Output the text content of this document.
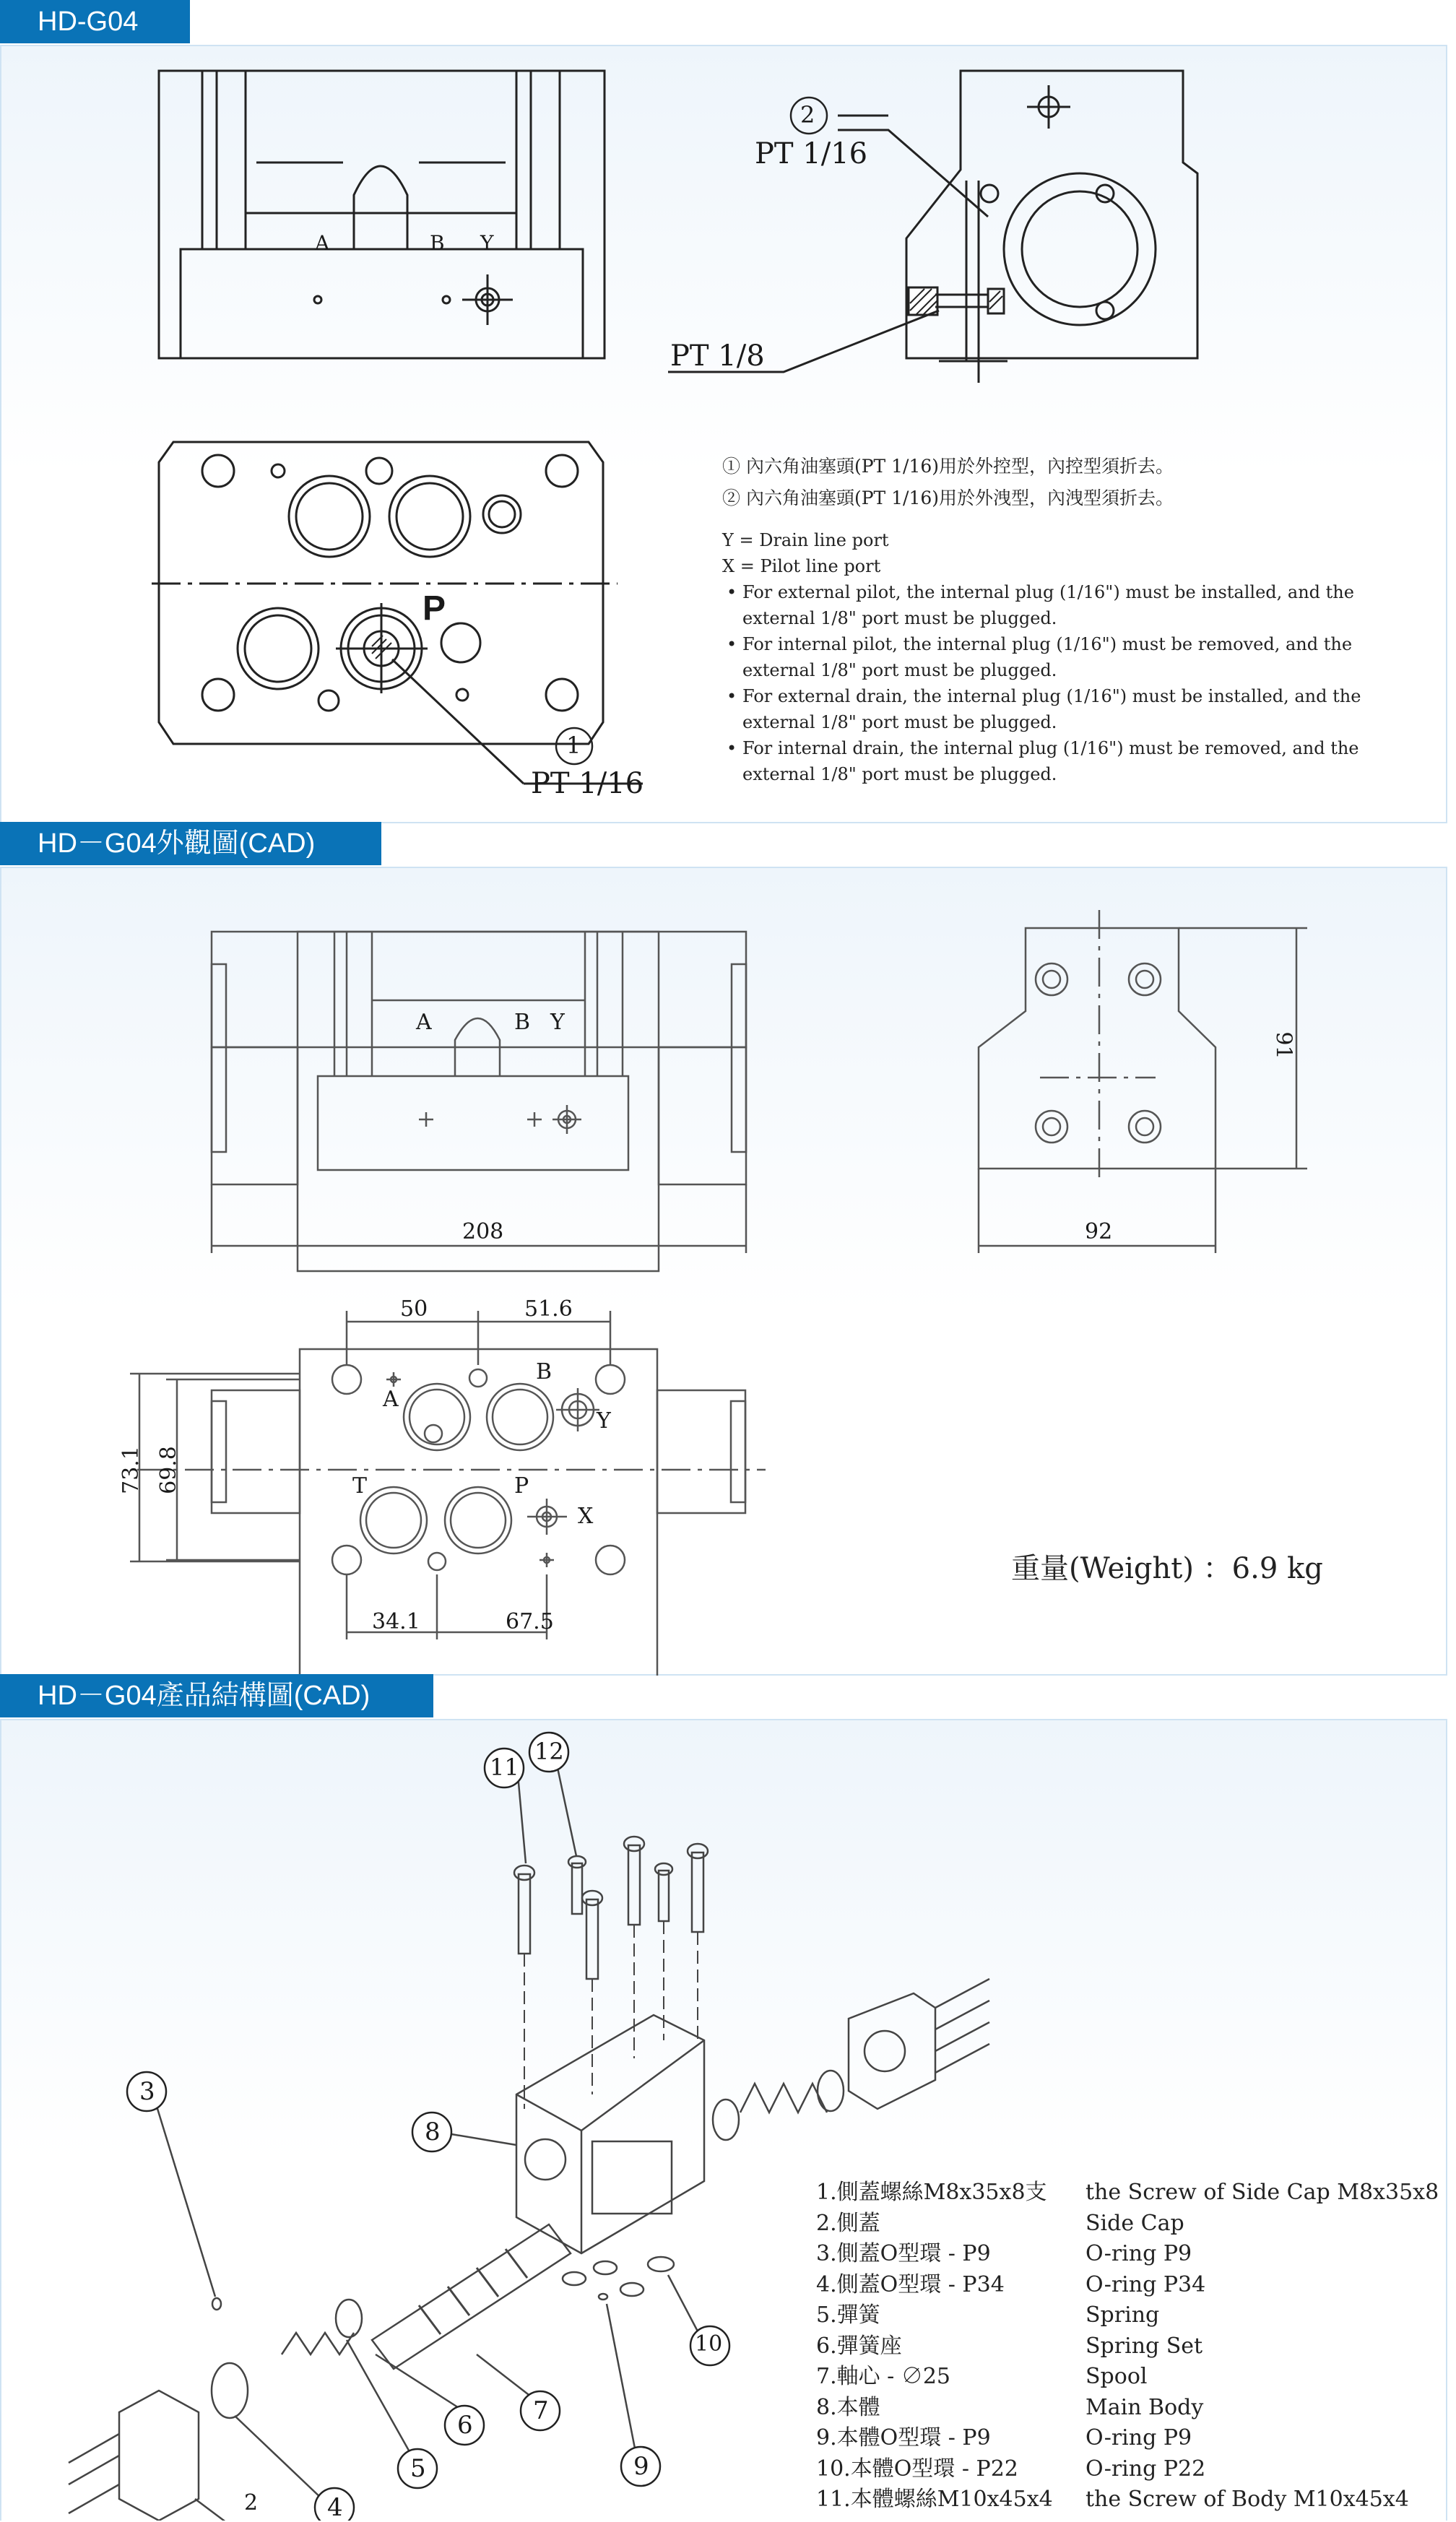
HD-G04
A	B Y
P
2
PT 1/16
PT 1/8
1
PT 1/16
① 內六角油塞頭(PT 1/16)用於外控型，內控型須折去。
② 內六角油塞頭(PT 1/16)用於外洩型，內洩型須折去。
Y = Drain line port
X = Pilot line port
• For external pilot, the internal plug (1/16") must be installed, and the external 1/8" port must be plugged.
• For internal pilot, the internal plug (1/16") must be removed, and the external 1/8" port must be plugged.
• For external drain, the internal plug (1/16") must be installed, and the external 1/8" port must be plugged.
• For internal drain, the internal plug (1/16") must be removed, and the external 1/8" port must be plugged.
HD－G04外觀圖(CAD)
A	B Y
208	92
91
50	51.6
73.1 69.8
34.1	67.5
A
B
Y
T	P
X
重量(Weight) ：6.9 kg
HD－G04產品結構圖(CAD)
11
12
8
3
4
5
6 7
9
10
2
1.側蓋螺絲M8x35x8支	the Screw of Side Cap M8x35x8
2.側蓋	Side Cap
3.側蓋O型環 - P9	O-ring P9
4.側蓋O型環 - P34	O-ring P34
5.彈簧	Spring
6.彈簧座	Spring Set
7.軸心 - ∅25	Spool
8.本體	Main Body
9.本體O型環 - P9	O-ring P9
10.本體O型環 - P22	O-ring P22
11.本體螺絲M10x45x4	the Screw of Body M10x45x4
